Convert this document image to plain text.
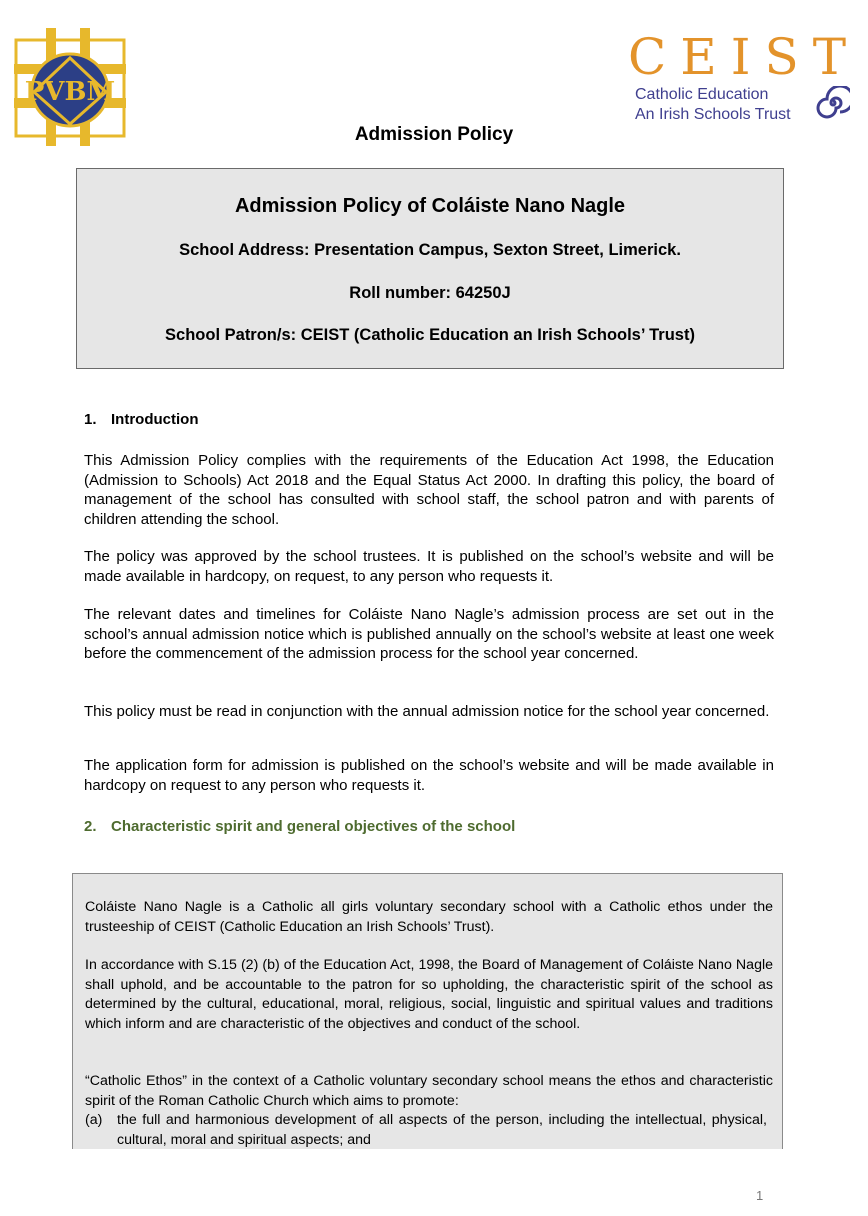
PVBM
CEIST
Catholic Education
An Irish Schools Trust
Admission Policy
Admission Policy of Coláiste Nano Nagle
School Address: Presentation Campus, Sexton Street, Limerick.
Roll number: 64250J
School Patron/s: CEIST (Catholic Education an Irish Schools’ Trust)
1. Introduction
This Admission Policy complies with the requirements of the Education Act 1998, the Education (Admission to Schools) Act 2018 and the Equal Status Act 2000. In drafting this policy, the board of management of the school has consulted with school staff, the school patron and with parents of children attending the school.
The policy was approved by the school trustees. It is published on the school’s website and will be made available in hardcopy, on request, to any person who requests it.
The relevant dates and timelines for Coláiste Nano Nagle’s admission process are set out in the school’s annual admission notice which is published annually on the school’s website at least one week before the commencement of the admission process for the school year concerned.
This policy must be read in conjunction with the annual admission notice for the school year concerned.
The application form for admission is published on the school’s website and will be made available in hardcopy on request to any person who requests it.
2. Characteristic spirit and general objectives of the school
Coláiste Nano Nagle is a Catholic all girls voluntary secondary school with a Catholic ethos under the trusteeship of CEIST (Catholic Education an Irish Schools’ Trust).
In accordance with S.15 (2) (b) of the Education Act, 1998, the Board of Management of Coláiste Nano Nagle shall uphold, and be accountable to the patron for so upholding, the characteristic spirit of the school as determined by the cultural, educational, moral, religious, social, linguistic and spiritual values and traditions which inform and are characteristic of the objectives and conduct of the school.
“Catholic Ethos” in the context of a Catholic voluntary secondary school means the ethos and characteristic spirit of the Roman Catholic Church which aims to promote:
(a)	the full and harmonious development of all aspects of the person, including the intellectual, physical, cultural, moral and spiritual aspects; and
1
